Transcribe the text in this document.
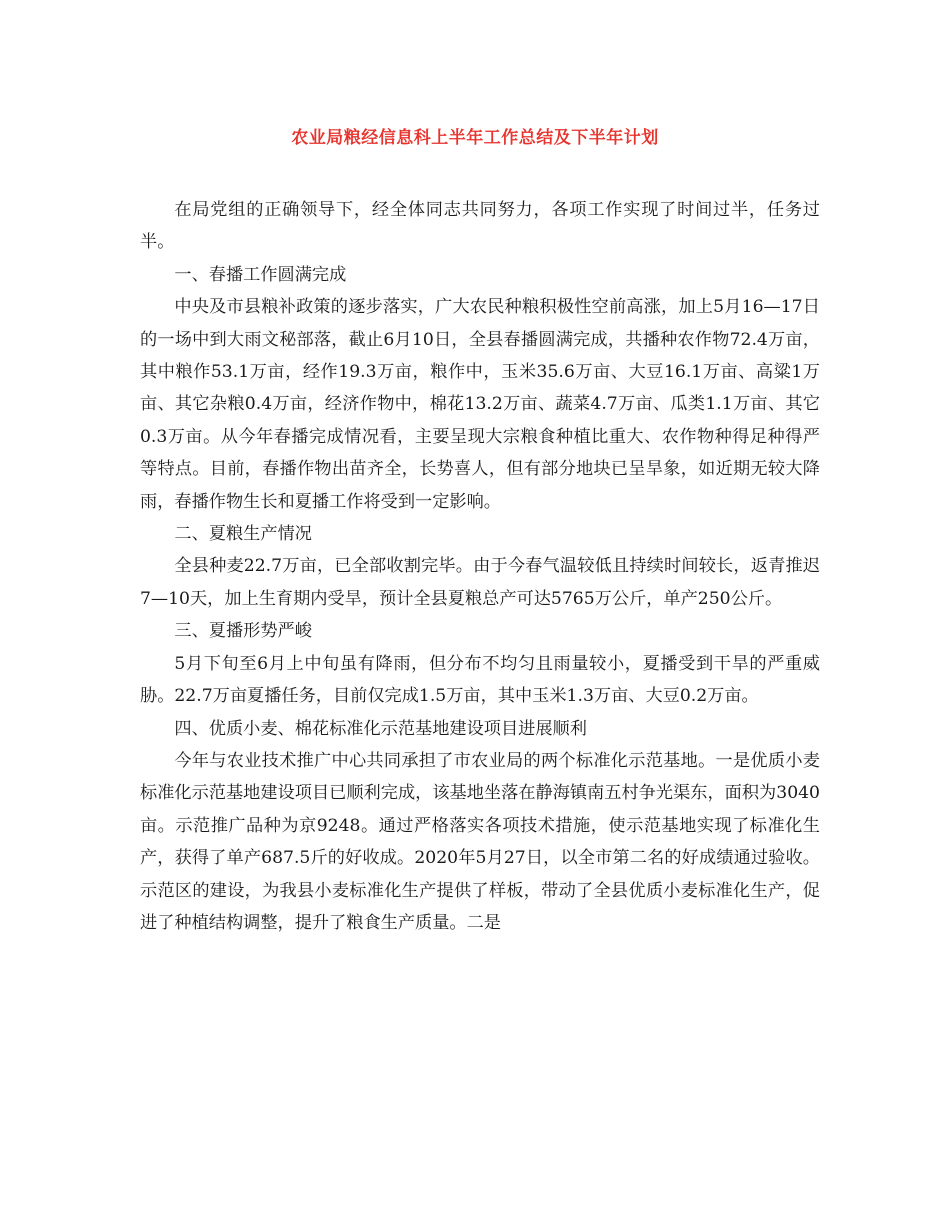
农业局粮经信息科上半年工作总结及下半年计划

在局党组的正确领导下，经全体同志共同努力，各项工作实现了时间过半，任务过半。

一、春播工作圆满完成

中央及市县粮补政策的逐步落实，广大农民种粮积极性空前高涨，加上5月16—17日的一场中到大雨文秘部落，截止6月10日，全县春播圆满完成，共播种农作物72.4万亩，其中粮作53.1万亩，经作19.3万亩，粮作中，玉米35.6万亩、大豆16.1万亩、高粱1万亩、其它杂粮0.4万亩，经济作物中，棉花13.2万亩、蔬菜4.7万亩、瓜类1.1万亩、其它0.3万亩。从今年春播完成情况看，主要呈现大宗粮食种植比重大、农作物种得足种得严等特点。目前，春播作物出苗齐全，长势喜人，但有部分地块已呈旱象，如近期无较大降雨，春播作物生长和夏播工作将受到一定影响。

二、夏粮生产情况

全县种麦22.7万亩，已全部收割完毕。由于今春气温较低且持续时间较长，返青推迟7—10天，加上生育期内受旱，预计全县夏粮总产可达5765万公斤，单产250公斤。

三、夏播形势严峻

5月下旬至6月上中旬虽有降雨，但分布不均匀且雨量较小，夏播受到干旱的严重威胁。22.7万亩夏播任务，目前仅完成1.5万亩，其中玉米1.3万亩、大豆0.2万亩。

四、优质小麦、棉花标准化示范基地建设项目进展顺利

今年与农业技术推广中心共同承担了市农业局的两个标准化示范基地。一是优质小麦标准化示范基地建设项目已顺利完成，该基地坐落在静海镇南五村争光渠东，面积为3040亩。示范推广品种为京9248。通过严格落实各项技术措施，使示范基地实现了标准化生产，获得了单产687.5斤的好收成。2020年5月27日，以全市第二名的好成绩通过验收。示范区的建设，为我县小麦标准化生产提供了样板，带动了全县优质小麦标准化生产，促进了种植结构调整，提升了粮食生产质量。二是
